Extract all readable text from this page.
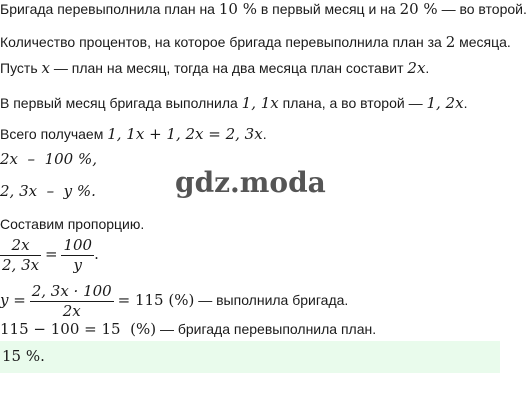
Бригада перевыполнила план на 10 % в первый месяц и на 20 % — во второй.
Количество процентов, на которое бригада перевыполнила план за 2 месяца.
Пусть x — план на месяц, тогда на два месяца план составит 2x.
В первый месяц бригада выполнила 1, 1x плана, а во второй — 1, 2x.
Всего получаем 1, 1x + 1, 2x = 2, 3x.
2x  –  100 %,
2, 3x  –  y %.	gdz.moda
Составим пропорцию.
$\frac{2x}{2, 3x} = \frac{100}{y}$ .
$y = \frac{2, 3x \cdot 100}{2x} = 115$ (%) — выполнила бригада.
115 − 100 = 15  (%) — бригада перевыполнила план.
15 %.
